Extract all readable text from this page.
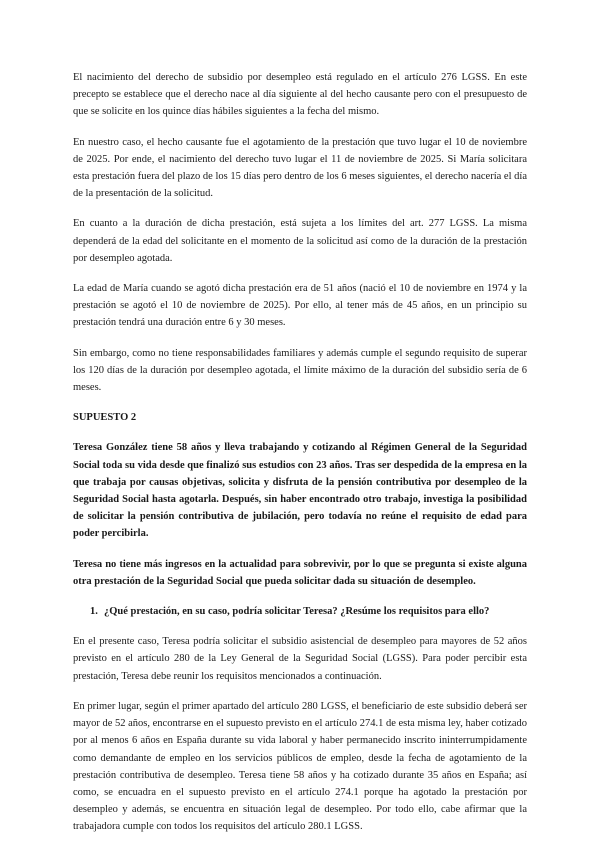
El nacimiento del derecho de subsidio por desempleo está regulado en el artículo 276 LGSS. En este precepto se establece que el derecho nace al día siguiente al del hecho causante pero con el presupuesto de que se solicite en los quince días hábiles siguientes a la fecha del mismo.

En nuestro caso, el hecho causante fue el agotamiento de la prestación que tuvo lugar el 10 de noviembre de 2025. Por ende, el nacimiento del derecho tuvo lugar el 11 de noviembre de 2025. Si María solicitara esta prestación fuera del plazo de los 15 días pero dentro de los 6 meses siguientes, el derecho nacería el día de la presentación de la solicitud.

En cuanto a la duración de dicha prestación, está sujeta a los límites del art. 277 LGSS. La misma dependerá de la edad del solicitante en el momento de la solicitud así como de la duración de la prestación por desempleo agotada.

La edad de María cuando se agotó dicha prestación era de 51 años (nació el 10 de noviembre en 1974 y la prestación se agotó el 10 de noviembre de 2025). Por ello, al tener más de 45 años, en un principio su prestación tendrá una duración entre 6 y 30 meses.

Sin embargo, como no tiene responsabilidades familiares y además cumple el segundo requisito de superar los 120 días de la duración por desempleo agotada, el límite máximo de la duración del subsidio sería de 6 meses.

SUPUESTO 2

Teresa González tiene 58 años y lleva trabajando y cotizando al Régimen General de la Seguridad Social toda su vida desde que finalizó sus estudios con 23 años. Tras ser despedida de la empresa en la que trabaja por causas objetivas, solicita y disfruta de la pensión contributiva por desempleo de la Seguridad Social hasta agotarla. Después, sin haber encontrado otro trabajo, investiga la posibilidad de solicitar la pensión contributiva de jubilación, pero todavía no reúne el requisito de edad para poder percibirla.

Teresa no tiene más ingresos en la actualidad para sobrevivir, por lo que se pregunta si existe alguna otra prestación de la Seguridad Social que pueda solicitar dada su situación de desempleo.

1. ¿Qué prestación, en su caso, podría solicitar Teresa? ¿Resúme los requisitos para ello?

En el presente caso, Teresa podría solicitar el subsidio asistencial de desempleo para mayores de 52 años previsto en el artículo 280 de la Ley General de la Seguridad Social (LGSS). Para poder percibir esta prestación, Teresa debe reunir los requisitos mencionados a continuación.

En primer lugar, según el primer apartado del artículo 280 LGSS, el beneficiario de este subsidio deberá ser mayor de 52 años, encontrarse en el supuesto previsto en el artículo 274.1 de esta misma ley, haber cotizado por al menos 6 años en España durante su vida laboral y haber permanecido inscrito ininterrumpidamente como demandante de empleo en los servicios públicos de empleo, desde la fecha de agotamiento de la prestación contributiva de desempleo. Teresa tiene 58 años y ha cotizado durante 35 años en España; así como, se encuadra en el supuesto previsto en el artículo 274.1 porque ha agotado la prestación por desempleo y además, se encuentra en situación legal de desempleo. Por todo ello, cabe afirmar que la trabajadora cumple con todos los requisitos del artículo 280.1 LGSS.
